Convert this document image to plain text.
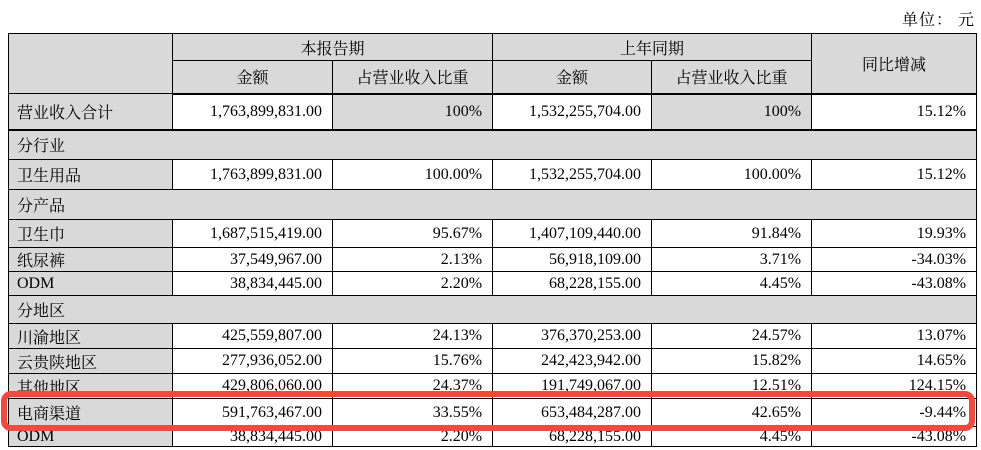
单位： 元
	本报告期		上年同期		同比增减
	金额	占营业收入比重	金额	占营业收入比重	
营业收入合计	1,763,899,831.00	100%	1,532,255,704.00	100%	15.12%
分行业					
卫生用品	1,763,899,831.00	100.00%	1,532,255,704.00	100.00%	15.12%
分产品					
卫生巾	1,687,515,419.00	95.67%	1,407,109,440.00	91.84%	19.93%
纸尿裤	37,549,967.00	2.13%	56,918,109.00	3.71%	-34.03%
ODM	38,834,445.00	2.20%	68,228,155.00	4.45%	-43.08%
分地区					
川渝地区	425,559,807.00	24.13%	376,370,253.00	24.57%	13.07%
云贵陕地区	277,936,052.00	15.76%	242,423,942.00	15.82%	14.65%
其他地区	429,806,060.00	24.37%	191,749,067.00	12.51%	124.15%
电商渠道	591,763,467.00	33.55%	653,484,287.00	42.65%	-9.44%
ODM	38,834,445.00	2.20%	68,228,155.00	4.45%	-43.08%
